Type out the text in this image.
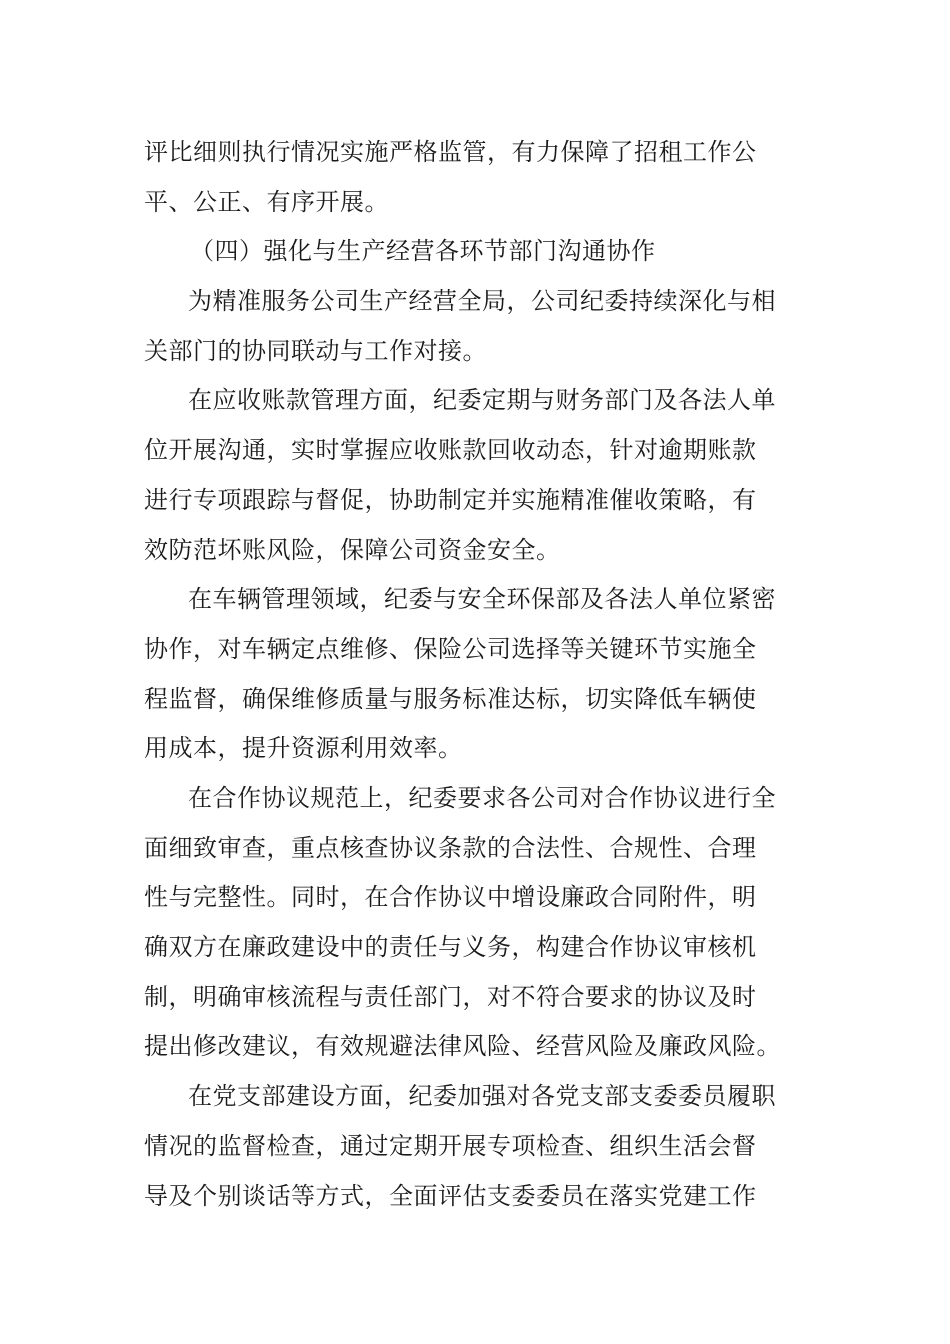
评比细则执行情况实施严格监管，有力保障了招租工作公
平、公正、有序开展。
（四）强化与生产经营各环节部门沟通协作
为精准服务公司生产经营全局，公司纪委持续深化与相
关部门的协同联动与工作对接。
在应收账款管理方面，纪委定期与财务部门及各法人单
位开展沟通，实时掌握应收账款回收动态，针对逾期账款
进行专项跟踪与督促，协助制定并实施精准催收策略，有
效防范坏账风险，保障公司资金安全。
在车辆管理领域，纪委与安全环保部及各法人单位紧密
协作，对车辆定点维修、保险公司选择等关键环节实施全
程监督，确保维修质量与服务标准达标，切实降低车辆使
用成本，提升资源利用效率。
在合作协议规范上，纪委要求各公司对合作协议进行全
面细致审查，重点核查协议条款的合法性、合规性、合理
性与完整性。同时，在合作协议中增设廉政合同附件，明
确双方在廉政建设中的责任与义务，构建合作协议审核机
制，明确审核流程与责任部门，对不符合要求的协议及时
提出修改建议，有效规避法律风险、经营风险及廉政风险。
在党支部建设方面，纪委加强对各党支部支委委员履职
情况的监督检查，通过定期开展专项检查、组织生活会督
导及个别谈话等方式，全面评估支委委员在落实党建工作
